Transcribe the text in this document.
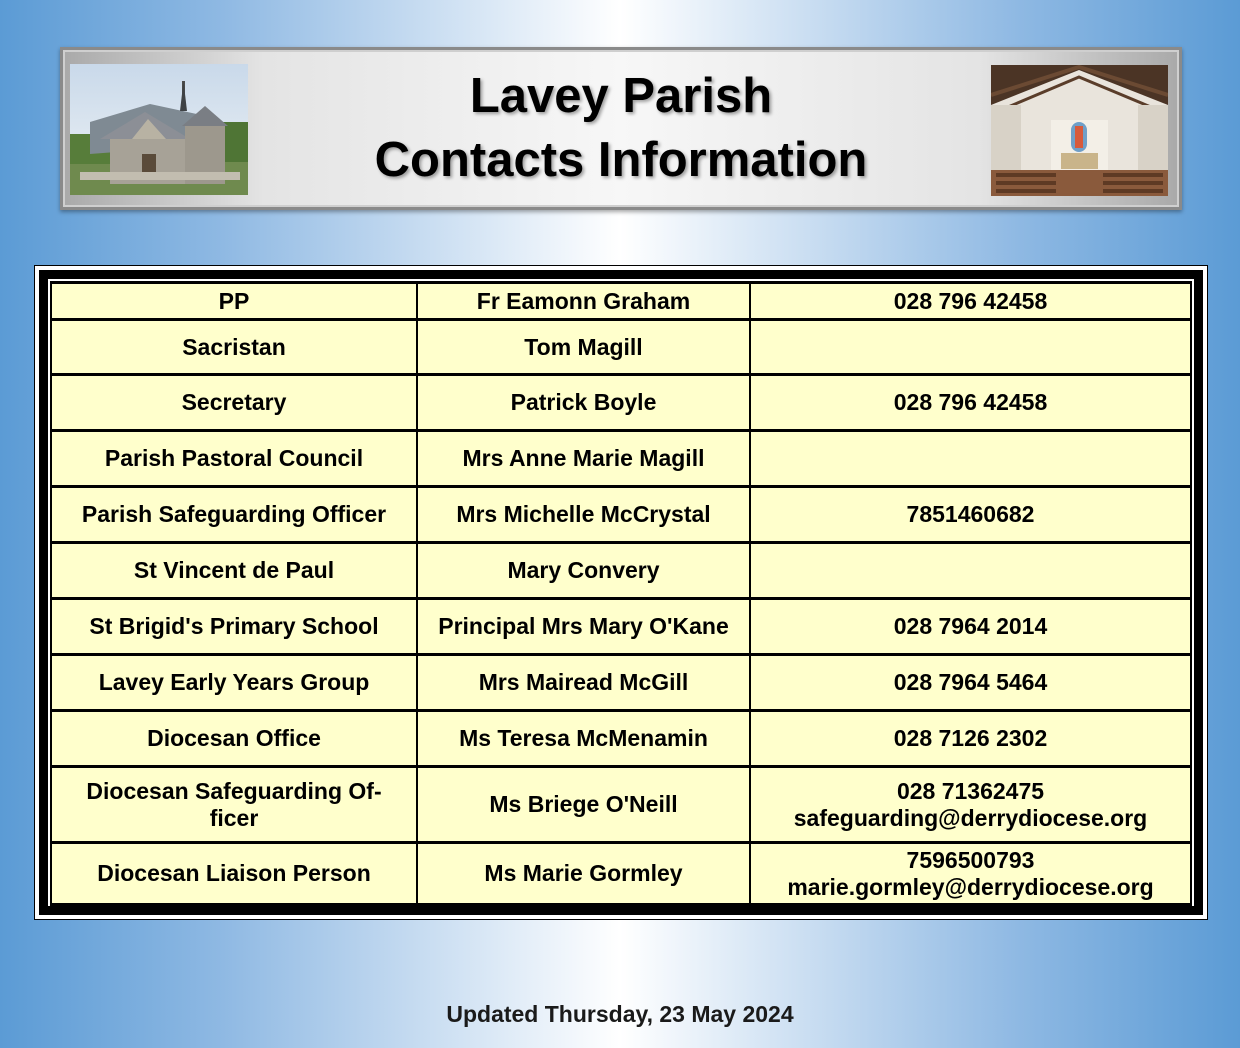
Lavey Parish
Contacts Information
PP	Fr Eamonn Graham	028 796 42458
Sacristan	Tom Magill	
Secretary	Patrick Boyle	028 796 42458
Parish Pastoral Council	Mrs Anne Marie Magill	
Parish Safeguarding Officer	Mrs Michelle McCrystal	7851460682
St Vincent de Paul	Mary Convery	
St Brigid's Primary School	Principal Mrs Mary O'Kane	028 7964 2014
Lavey Early Years Group	Mrs Mairead McGill	028 7964 5464
Diocesan Office	Ms Teresa McMenamin	028 7126 2302
Diocesan Safeguarding Of-ficer	Ms Briege O'Neill	028 71362475
safeguarding@derrydiocese.org

Diocesan Liaison Person	Ms Marie Gormley	7596500793
marie.gormley@derrydiocese.org
Updated Thursday, 23 May 2024
